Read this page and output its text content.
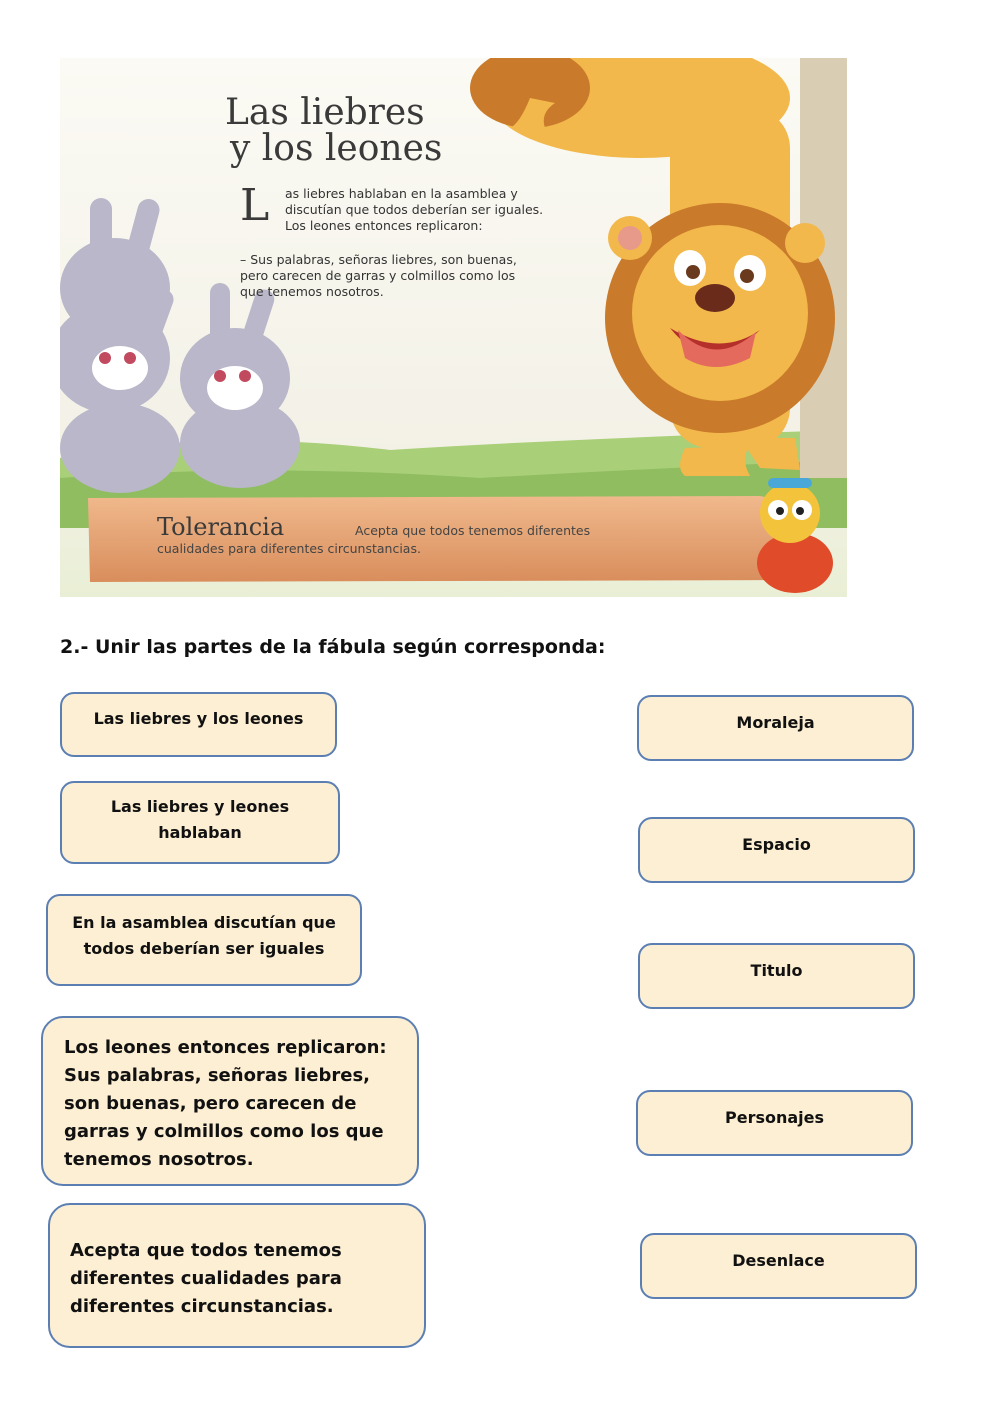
Las liebres
y los leones
L as liebres hablaban en la asamblea y
discutían que todos deberían ser iguales.
Los leones entonces replicaron:
– Sus palabras, señoras liebres, son buenas,
pero carecen de garras y colmillos como los
que tenemos nosotros.
Tolerancia	Acepta que todos tenemos diferentes
cualidades para diferentes circunstancias.
2.- Unir las partes de la fábula según corresponda:
Las liebres y los leones
Las liebres y leones
hablaban
En la asamblea discutían que
todos deberían ser iguales
Los leones entonces replicaron:
Sus palabras, señoras liebres,
son buenas, pero carecen de
garras y colmillos como los que
tenemos nosotros.
Acepta que todos tenemos
diferentes cualidades para
diferentes circunstancias.
Moraleja
Espacio
Titulo
Personajes
Desenlace
